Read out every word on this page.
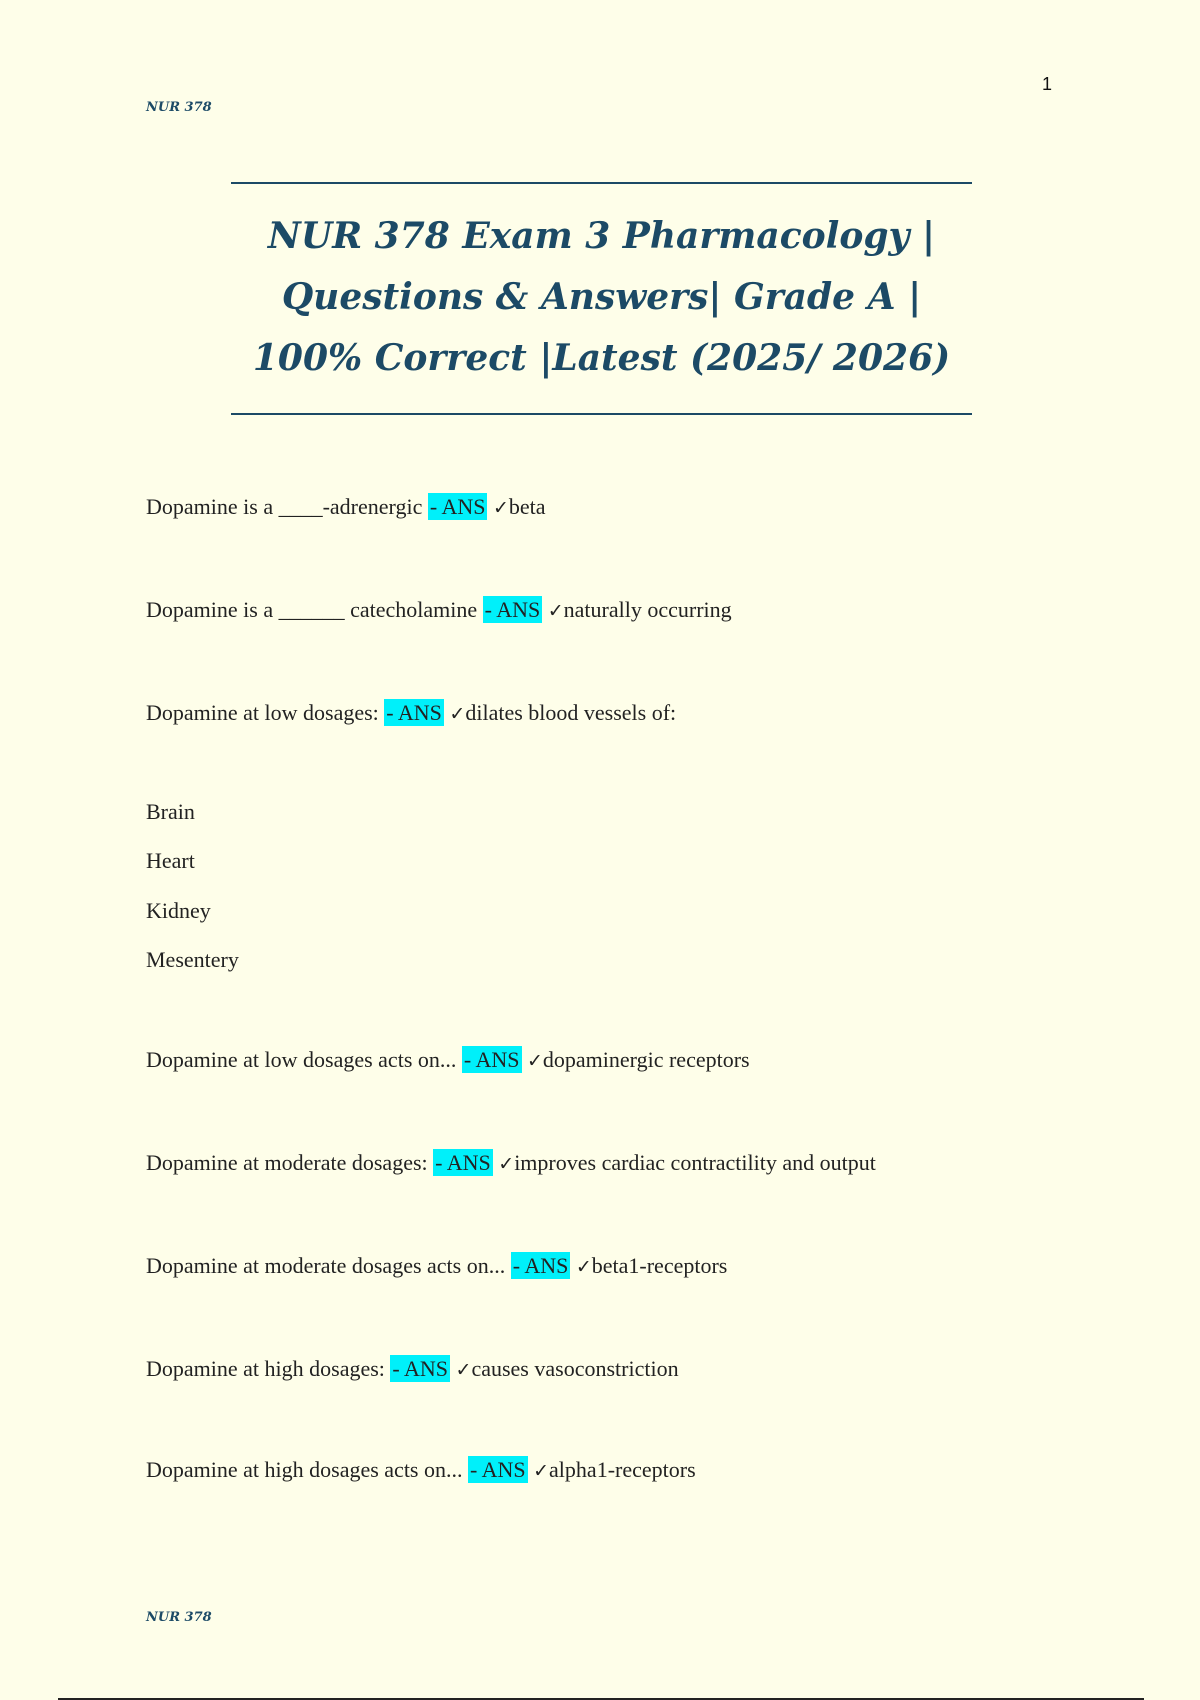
1
NUR 378
NUR 378 Exam 3 Pharmacology |
Questions & Answers| Grade A |
100% Correct |Latest (2025/ 2026)
Dopamine is a ____-adrenergic - ANS ✓beta
Dopamine is a ______ catecholamine - ANS ✓naturally occurring
Dopamine at low dosages: - ANS ✓dilates blood vessels of:
Brain
Heart
Kidney
Mesentery
Dopamine at low dosages acts on... - ANS ✓dopaminergic receptors
Dopamine at moderate dosages: - ANS ✓improves cardiac contractility and output
Dopamine at moderate dosages acts on... - ANS ✓beta1-receptors
Dopamine at high dosages: - ANS ✓causes vasoconstriction
Dopamine at high dosages acts on... - ANS ✓alpha1-receptors
NUR 378
